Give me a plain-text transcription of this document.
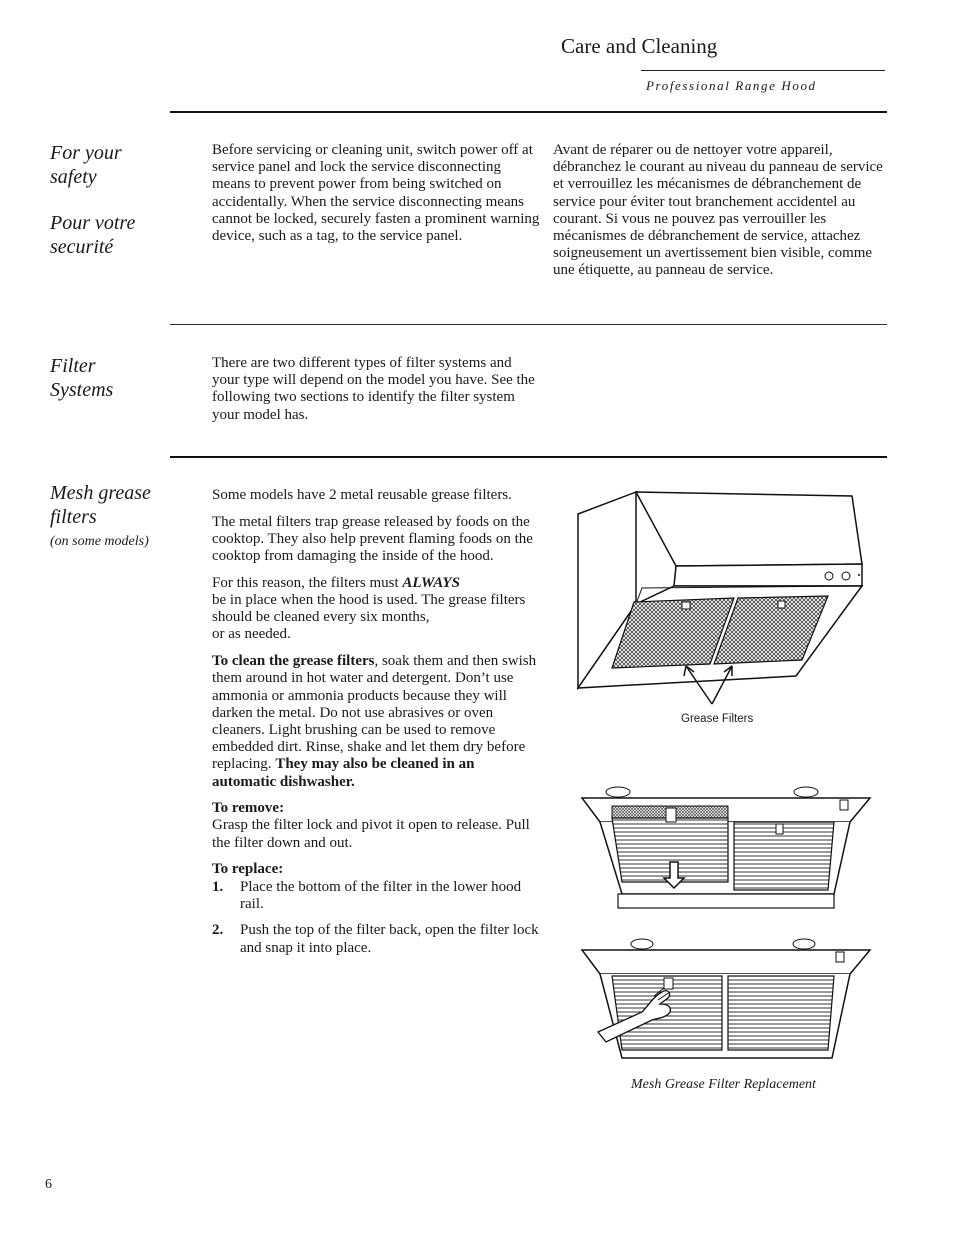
Care and Cleaning
Professional Range Hood
For your safety
Pour votre securité
Before servicing or cleaning unit, switch power off at service panel and lock the service disconnecting means to prevent power from being switched on accidentally. When the service disconnecting means cannot be locked, securely fasten a prominent warning device, such as a tag, to the service panel.
Avant de réparer ou de nettoyer votre appareil, débranchez le courant au niveau du panneau de service et verrouillez les mécanismes de débranchement de service pour éviter tout branchement accidentel au courant. Si vous ne pouvez pas verrouiller les mécanismes de débranchement de service, attachez soigneusement un avertissement bien visible, comme une étiquette, au panneau de service.
Filter Systems
There are two different types of filter systems and your type will depend on the model you have. See the following two sections to identify the filter system your model has.
Mesh grease filters
(on some models)

Some models have 2 metal reusable grease filters.

The metal filters trap grease released by foods on the cooktop. They also help prevent flaming foods on the cooktop from damaging the inside of the hood.

For this reason, the filters must ALWAYS
be in place when the hood is used. The grease filters should be cleaned every six months,
or as needed.

To clean the grease filters, soak them and then swish them around in hot water and detergent. Don’t use ammonia or ammonia products because they will darken the metal. Do not use abrasives or oven cleaners. Light brushing can be used to remove embedded dirt. Rinse, shake and let them dry before replacing. They may also be cleaned in an automatic dishwasher.

To remove:
Grasp the filter lock and pivot it open to release. Pull the filter down and out.

To replace:
1.	Place the bottom of the filter in the lower hood rail.
2.	Push the top of the filter back, open the filter lock and snap it into place.
Grease Filters
Mesh Grease Filter Replacement
6
